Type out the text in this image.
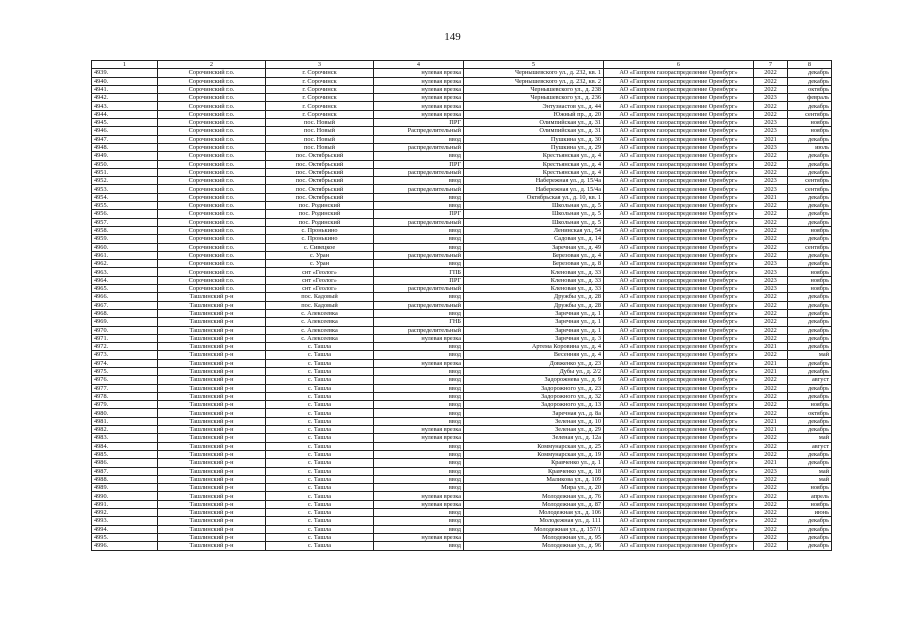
149
1	2	3	4	5	6	7	8
4939.	Сорочинский г.о.	г. Сорочинск	нулевая врезка	Чернышевского ул., д. 232, кв. 1	АО «Газпром газораспределение Оренбург»	2022	декабрь
4940.	Сорочинский г.о.	г. Сорочинск	нулевая врезка	Чернышевского ул., д. 232, кв. 2	АО «Газпром газораспределение Оренбург»	2022	декабрь
4941.	Сорочинский г.о.	г. Сорочинск	нулевая врезка	Чернышевского ул., д. 238	АО «Газпром газораспределение Оренбург»	2022	октябрь
4942.	Сорочинский г.о.	г. Сорочинск	нулевая врезка	Чернышевского ул., д. 236	АО «Газпром газораспределение Оренбург»	2023	февраль
4943.	Сорочинский г.о.	г. Сорочинск	нулевая врезка	Энтузиастов ул., д. 44	АО «Газпром газораспределение Оренбург»	2022	декабрь
4944.	Сорочинский г.о.	г. Сорочинск	нулевая врезка	Южный пр., д. 20	АО «Газпром газораспределение Оренбург»	2022	сентябрь
4945.	Сорочинский г.о.	пос. Новый	ПРГ	Олимпийская ул., д. 31	АО «Газпром газораспределение Оренбург»	2023	ноябрь
4946.	Сорочинский г.о.	пос. Новый	Распределительный	Олимпийская ул., д. 31	АО «Газпром газораспределение Оренбург»	2023	ноябрь
4947.	Сорочинский г.о.	пос. Новый	ввод	Пушкина ул., д. 30	АО «Газпром газораспределение Оренбург»	2021	декабрь
4948.	Сорочинский г.о.	пос. Новый	распределительный	Пушкина ул., д. 29	АО «Газпром газораспределение Оренбург»	2023	июль
4949.	Сорочинский г.о.	пос. Октябрьский	ввод	Крестьянская ул., д. 4	АО «Газпром газораспределение Оренбург»	2022	декабрь
4950.	Сорочинский г.о.	пос. Октябрьский	ПРГ	Крестьянская ул., д. 4	АО «Газпром газораспределение Оренбург»	2022	декабрь
4951.	Сорочинский г.о.	пос. Октябрьский	распределительный	Крестьянская ул., д. 4	АО «Газпром газораспределение Оренбург»	2022	декабрь
4952.	Сорочинский г.о.	пос. Октябрьский	ввод	Набережная ул., д. 15/4а	АО «Газпром газораспределение Оренбург»	2023	сентябрь
4953.	Сорочинский г.о.	пос. Октябрьский	распределительный	Набережная ул., д. 15/4а	АО «Газпром газораспределение Оренбург»	2023	сентябрь
4954.	Сорочинский г.о.	пос. Октябрьский	ввод	Октябрьская ул., д. 10, кв. 1	АО «Газпром газораспределение Оренбург»	2021	декабрь
4955.	Сорочинский г.о.	пос. Родинский	ввод	Школьная ул., д. 5	АО «Газпром газораспределение Оренбург»	2022	декабрь
4956.	Сорочинский г.о.	пос. Родинский	ПРГ	Школьная ул., д. 5	АО «Газпром газораспределение Оренбург»	2022	декабрь
4957.	Сорочинский г.о.	пос. Родинский	распределительный	Школьная ул., д. 5	АО «Газпром газораспределение Оренбург»	2022	декабрь
4958.	Сорочинский г.о.	с. Пронькино	ввод	Ленинская ул., 54	АО «Газпром газораспределение Оренбург»	2022	ноябрь
4959.	Сорочинский г.о.	с. Пронькино	ввод	Садовая ул., д. 14	АО «Газпром газораспределение Оренбург»	2022	декабрь
4960.	Сорочинский г.о.	с. Сивецкое	ввод	Заречная ул., д. 49	АО «Газпром газораспределение Оренбург»	2022	сентябрь
4961.	Сорочинский г.о.	с. Уран	распределительный	Березовая ул., д. 4	АО «Газпром газораспределение Оренбург»	2022	декабрь
4962.	Сорочинский г.о.	с. Уран	ввод	Березовая ул., д. 8	АО «Газпром газораспределение Оренбург»	2023	декабрь
4963.	Сорочинский г.о.	снт «Геолог»	ГПБ	Кленовая ул., д. 33	АО «Газпром газораспределение Оренбург»	2023	ноябрь
4964.	Сорочинский г.о.	снт «Геолог»	ПРГ	Кленовая ул., д. 33	АО «Газпром газораспределение Оренбург»	2023	ноябрь
4965.	Сорочинский г.о.	снт «Геолог»	распределительный	Кленовая ул., д. 33	АО «Газпром газораспределение Оренбург»	2023	ноябрь
4966.	Ташлинский р-н	пос. Кадовый	ввод	Дружбы ул., д. 28	АО «Газпром газораспределение Оренбург»	2022	декабрь
4967.	Ташлинский р-н	пос. Кадовый	распределительный	Дружбы ул., д. 28	АО «Газпром газораспределение Оренбург»	2022	декабрь
4968.	Ташлинский р-н	с. Алексеевка	ввод	Заречная ул., д. 1	АО «Газпром газораспределение Оренбург»	2022	декабрь
4969.	Ташлинский р-н	с. Алексеевка	ГНБ	Заречная ул., д. 1	АО «Газпром газораспределение Оренбург»	2022	декабрь
4970.	Ташлинский р-н	с. Алексеевка	распределительный	Заречная ул., д. 1	АО «Газпром газораспределение Оренбург»	2022	декабрь
4971.	Ташлинский р-н	с. Алексеевка	нулевая врезка	Заречная ул., д. 3	АО «Газпром газораспределение Оренбург»	2022	декабрь
4972.	Ташлинский р-н	с. Ташла	ввод	Артема Коровина ул., д. 4	АО «Газпром газораспределение Оренбург»	2021	декабрь
4973.	Ташлинский р-н	с. Ташла	ввод	Весенняя ул., д. 4	АО «Газпром газораспределение Оренбург»	2022	май
4974.	Ташлинский р-н	с. Ташла	нулевая врезка	Довженко ул., д. 23	АО «Газпром газораспределение Оренбург»	2021	декабрь
4975.	Ташлинский р-н	с. Ташла	ввод	Дубы ул., д. 2/2	АО «Газпром газораспределение Оренбург»	2021	декабрь
4976.	Ташлинский р-н	с. Ташла	ввод	Задорожнева ул., д. 9	АО «Газпром газораспределение Оренбург»	2022	август
4977.	Ташлинский р-н	с. Ташла	ввод	Задорожного ул., д. 23	АО «Газпром газораспределение Оренбург»	2022	декабрь
4978.	Ташлинский р-н	с. Ташла	ввод	Задорожного ул., д. 32	АО «Газпром газораспределение Оренбург»	2022	декабрь
4979.	Ташлинский р-н	с. Ташла	ввод	Задорожного ул., д. 13	АО «Газпром газораспределение Оренбург»	2022	ноябрь
4980.	Ташлинский р-н	с. Ташла	ввод	Заречная ул., д. 8а	АО «Газпром газораспределение Оренбург»	2022	октябрь
4981.	Ташлинский р-н	с. Ташла	ввод	Зеленая ул., д. 10	АО «Газпром газораспределение Оренбург»	2021	декабрь
4982.	Ташлинский р-н	с. Ташла	нулевая врезка	Зеленая ул., д. 29	АО «Газпром газораспределение Оренбург»	2021	декабрь
4983.	Ташлинский р-н	с. Ташла	нулевая врезка	Зеленая ул., д. 12а	АО «Газпром газораспределение Оренбург»	2022	май
4984.	Ташлинский р-н	с. Ташла	ввод	Коммунарская ул., д. 25	АО «Газпром газораспределение Оренбург»	2022	август
4985.	Ташлинский р-н	с. Ташла	ввод	Коммунарская ул., д. 19	АО «Газпром газораспределение Оренбург»	2022	декабрь
4986.	Ташлинский р-н	с. Ташла	ввод	Кравченко ул., д. 1	АО «Газпром газораспределение Оренбург»	2021	декабрь
4987.	Ташлинский р-н	с. Ташла	ввод	Кравченко ул., д. 18	АО «Газпром газораспределение Оренбург»	2023	май
4988.	Ташлинский р-н	с. Ташла	ввод	Маликова ул., д. 109	АО «Газпром газораспределение Оренбург»	2022	май
4989.	Ташлинский р-н	с. Ташла	ввод	Мира ул., д. 20	АО «Газпром газораспределение Оренбург»	2022	ноябрь
4990.	Ташлинский р-н	с. Ташла	нулевая врезка	Молодежная ул., д. 76	АО «Газпром газораспределение Оренбург»	2022	апрель
4991.	Ташлинский р-н	с. Ташла	нулевая врезка	Молодежная ул., д. 87	АО «Газпром газораспределение Оренбург»	2022	ноябрь
4992.	Ташлинский р-н	с. Ташла	ввод	Молодежная ул., д. 106	АО «Газпром газораспределение Оренбург»	2022	июнь
4993.	Ташлинский р-н	с. Ташла	ввод	Молодежная ул., д. 111	АО «Газпром газораспределение Оренбург»	2022	декабрь
4994.	Ташлинский р-н	с. Ташла	ввод	Молодежная ул., д. 157/1	АО «Газпром газораспределение Оренбург»	2022	декабрь
4995.	Ташлинский р-н	с. Ташла	нулевая врезка	Молодежная ул., д. 95	АО «Газпром газораспределение Оренбург»	2022	декабрь
4996.	Ташлинский р-н	с. Ташла	ввод	Молодежная ул., д. 96	АО «Газпром газораспределение Оренбург»	2022	декабрь
